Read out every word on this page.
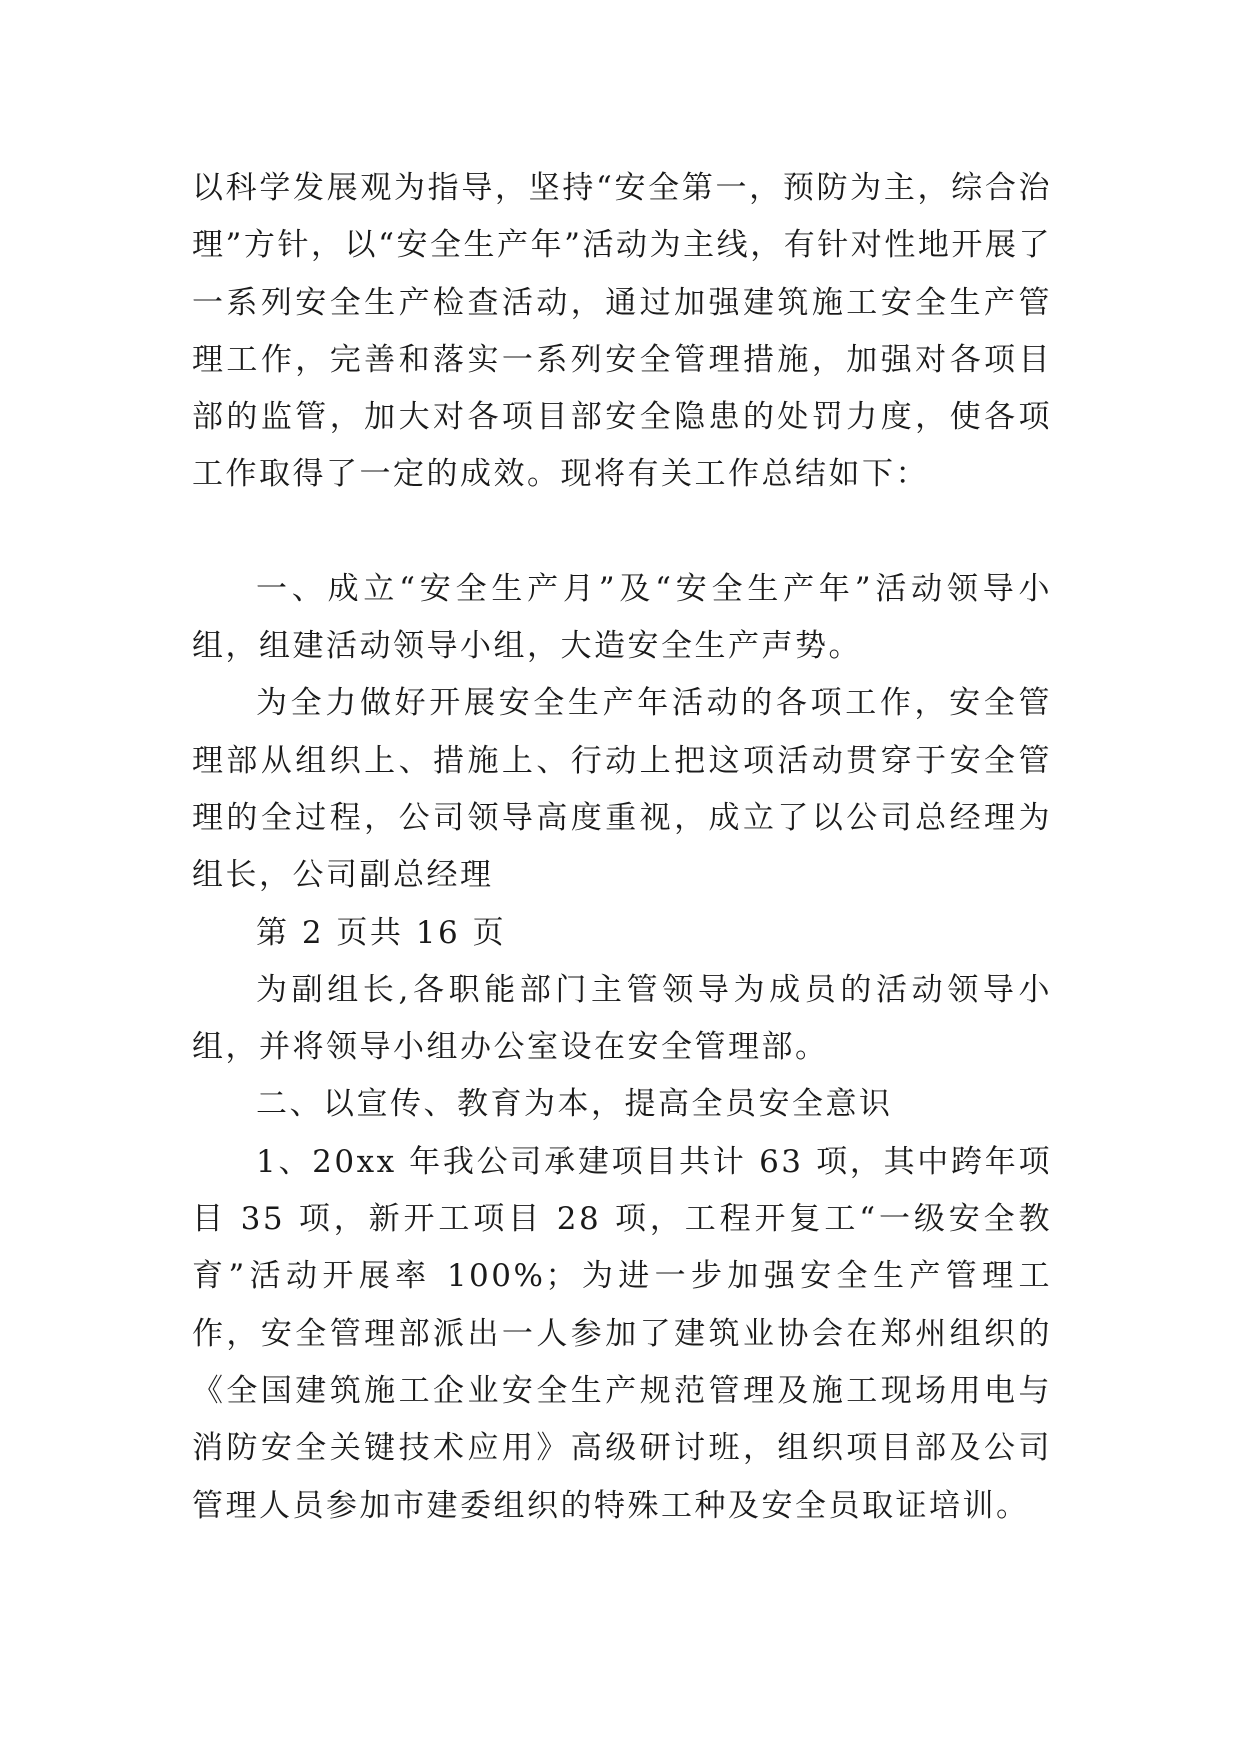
以科学发展观为指导，坚持“安全第一，预防为主，综合治理”方针，以“安全生产年”活动为主线，有针对性地开展了一系列安全生产检查活动，通过加强建筑施工安全生产管理工作，完善和落实一系列安全管理措施，加强对各项目部的监管，加大对各项目部安全隐患的处罚力度，使各项工作取得了一定的成效。现将有关工作总结如下：

一、成立“安全生产月”及“安全生产年”活动领导小组，组建活动领导小组，大造安全生产声势。

为全力做好开展安全生产年活动的各项工作，安全管理部从组织上、措施上、行动上把这项活动贯穿于安全管理的全过程，公司领导高度重视，成立了以公司总经理为组长，公司副总经理

第 2 页共 16 页

为副组长,各职能部门主管领导为成员的活动领导小组，并将领导小组办公室设在安全管理部。

二、以宣传、教育为本，提高全员安全意识

1、20xx 年我公司承建项目共计 63 项，其中跨年项目 35 项，新开工项目 28 项，工程开复工“一级安全教育”活动开展率 100%；为进一步加强安全生产管理工作，安全管理部派出一人参加了建筑业协会在郑州组织的《全国建筑施工企业安全生产规范管理及施工现场用电与消防安全关键技术应用》高级研讨班，组织项目部及公司管理人员参加市建委组织的特殊工种及安全员取证培训。
